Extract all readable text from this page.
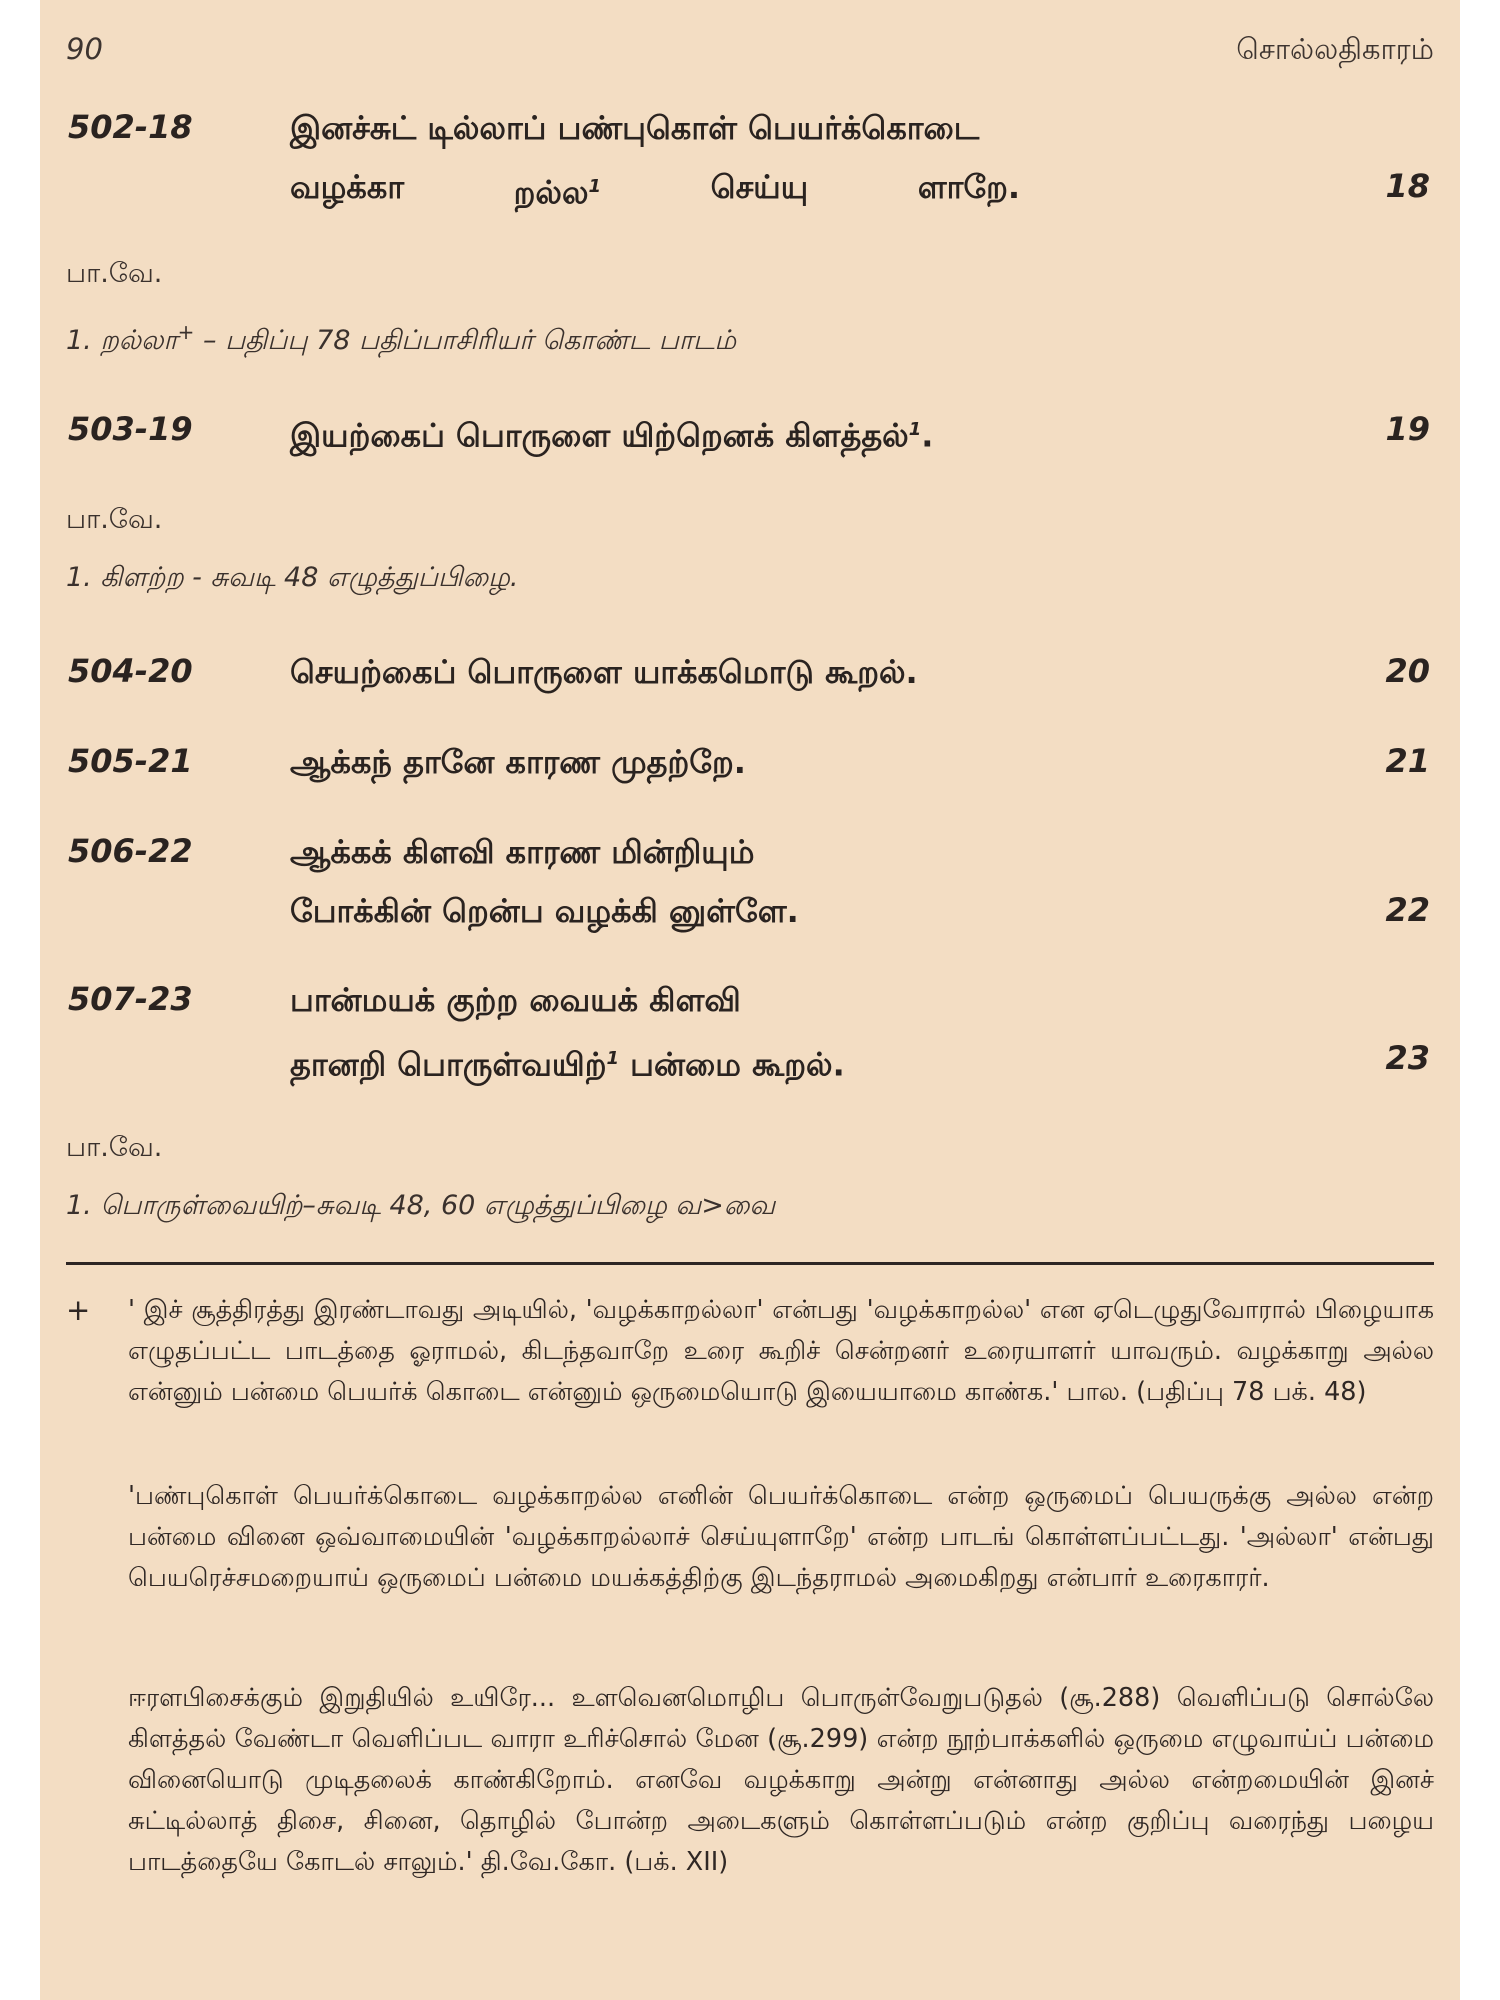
90	சொல்லதிகாரம்
502-18	இனச்சுட் டில்லாப் பண்புகொள் பெயர்க்கொடை
வழக்கா	றல்ல$^1$	செய்யு	ளாறே.	18
பா.வே.
1. றல்லா+ – பதிப்பு 78 பதிப்பாசிரியர் கொண்ட பாடம்
503-19	இயற்கைப் பொருளை யிற்றெனக் கிளத்தல்$^1$.	19
பா.வே.
1. கிளற்ற - சுவடி 48 எழுத்துப்பிழை.
504-20	செயற்கைப் பொருளை யாக்கமொடு கூறல்.	20
505-21	ஆக்கந் தானே காரண முதற்றே.	21
506-22	ஆக்கக் கிளவி காரண மின்றியும்
போக்கின் றென்ப வழக்கி னுள்ளே.	22
507-23	பான்மயக் குற்ற வையக் கிளவி
தானறி பொருள்வயிற்$^1$ பன்மை கூறல்.	23
பா.வே.
1. பொருள்வையிற்–சுவடி 48, 60 எழுத்துப்பிழை வ>வை
+ ' இச் சூத்திரத்து இரண்டாவது அடியில், 'வழக்காறல்லா' என்பது 'வழக்காறல்ல' என ஏடெழுதுவோரால் பிழையாக எழுதப்பட்ட பாடத்தை ஓராமல், கிடந்தவாறே உரை கூறிச் சென்றனர் உரையாளர் யாவரும். வழக்காறு அல்ல என்னும் பன்மை பெயர்க் கொடை என்னும் ஒருமையொடு இயையாமை காண்க.' பால. (பதிப்பு 78 பக். 48)
'பண்புகொள் பெயர்க்கொடை வழக்காறல்ல எனின் பெயர்க்கொடை என்ற ஒருமைப் பெயருக்கு அல்ல என்ற பன்மை வினை ஒவ்வாமையின் 'வழக்காறல்லாச் செய்யுளாறே' என்ற பாடங் கொள்ளப்பட்டது. 'அல்லா' என்பது பெயரெச்சமறையாய் ஒருமைப் பன்மை மயக்கத்திற்கு இடந்தராமல் அமைகிறது என்பார் உரைகாரர்.
ஈரளபிசைக்கும் இறுதியில் உயிரே... உளவெனமொழிப பொருள்வேறுபடுதல் (சூ.288) வெளிப்படு சொல்லே கிளத்தல் வேண்டா வெளிப்பட வாரா உரிச்சொல் மேன (சூ.299) என்ற நூற்பாக்களில் ஒருமை எழுவாய்ப் பன்மை வினையொடு முடிதலைக் காண்கிறோம். எனவே வழக்காறு அன்று என்னாது அல்ல என்றமையின் இனச் சுட்டில்லாத் திசை, சினை, தொழில் போன்ற அடைகளும் கொள்ளப்படும் என்ற குறிப்பு வரைந்து பழைய பாடத்தையே கோடல் சாலும்.' தி.வே.கோ. (பக். XII)
